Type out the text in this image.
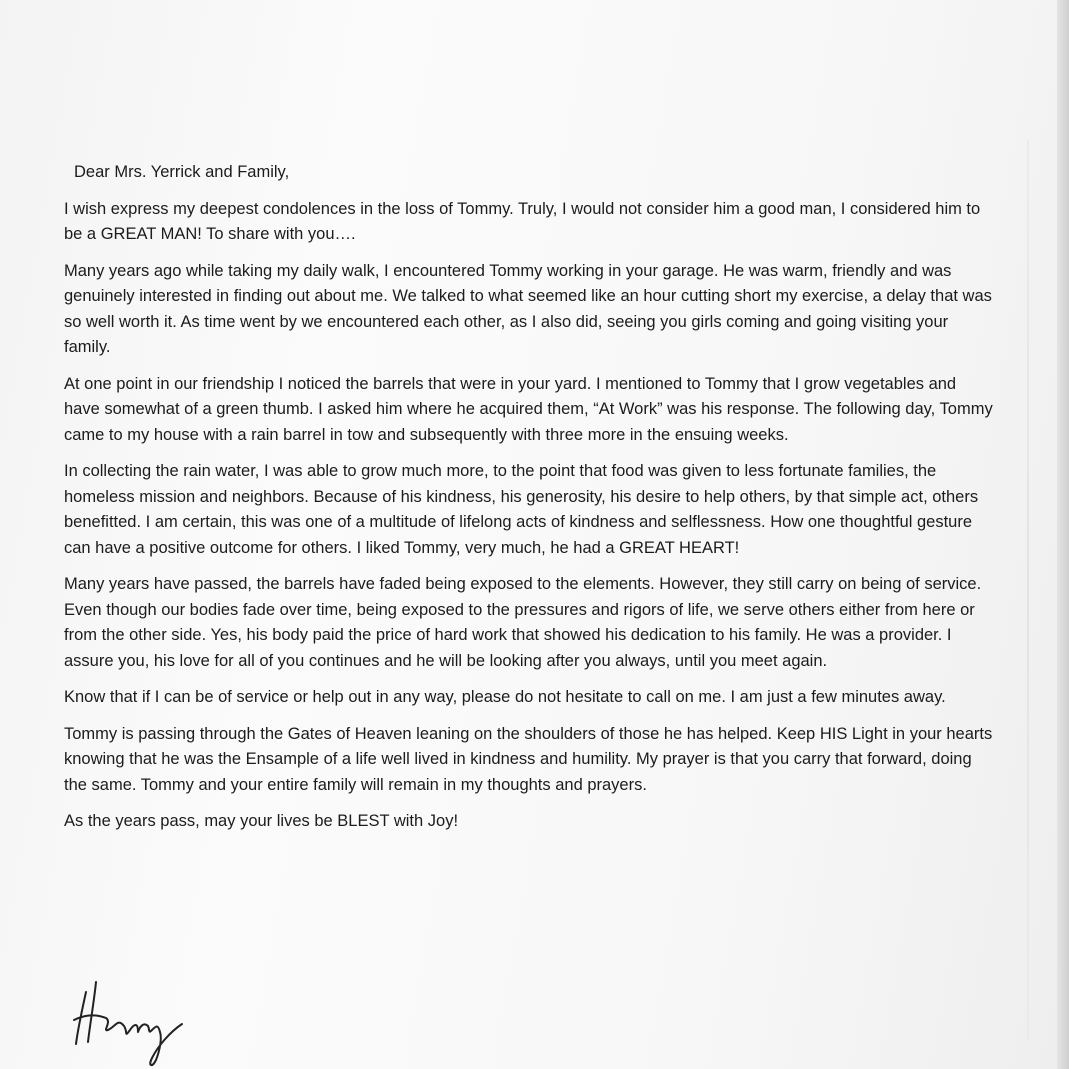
Dear Mrs. Yerrick and Family,

I wish express my deepest condolences in the loss of Tommy. Truly, I would not consider him a good man, I considered him to be a GREAT MAN! To share with you….

Many years ago while taking my daily walk, I encountered Tommy working in your garage. He was warm, friendly and was genuinely interested in finding out about me. We talked to what seemed like an hour cutting short my exercise, a delay that was so well worth it. As time went by we encountered each other, as I also did, seeing you girls coming and going visiting your family.

At one point in our friendship I noticed the barrels that were in your yard. I mentioned to Tommy that I grow vegetables and have somewhat of a green thumb. I asked him where he acquired them, “At Work” was his response. The following day, Tommy came to my house with a rain barrel in tow and subsequently with three more in the ensuing weeks.

In collecting the rain water, I was able to grow much more, to the point that food was given to less fortunate families, the homeless mission and neighbors. Because of his kindness, his generosity, his desire to help others, by that simple act, others benefitted. I am certain, this was one of a multitude of lifelong acts of kindness and selflessness. How one thoughtful gesture can have a positive outcome for others. I liked Tommy, very much, he had a GREAT HEART!

Many years have passed, the barrels have faded being exposed to the elements. However, they still carry on being of service. Even though our bodies fade over time, being exposed to the pressures and rigors of life, we serve others either from here or from the other side. Yes, his body paid the price of hard work that showed his dedication to his family. He was a provider. I assure you, his love for all of you continues and he will be looking after you always, until you meet again.

Know that if I can be of service or help out in any way, please do not hesitate to call on me. I am just a few minutes away.

Tommy is passing through the Gates of Heaven leaning on the shoulders of those he has helped. Keep HIS Light in your hearts knowing that he was the Ensample of a life well lived in kindness and humility. My prayer is that you carry that forward, doing the same. Tommy and your entire family will remain in my thoughts and prayers.

As the years pass, may your lives be BLEST with Joy!
